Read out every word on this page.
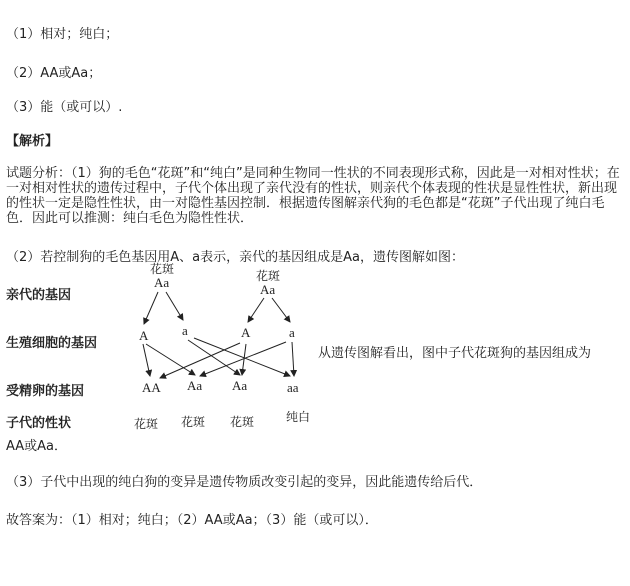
（1）相对；纯白；
（2）AA或Aa；
（3）能（或可以）.
【解析】
试题分析：（1）狗的毛色“花斑”和“纯白”是同种生物同一性状的不同表现形式称，因此是一对相对性状；在一对相对性状的遗传过程中，子代个体出现了亲代没有的性状，则亲代个体表现的性状是显性性状，新出现的性状一定是隐性性状，由一对隐性基因控制．根据遗传图解亲代狗的毛色都是“花斑”子代出现了纯白毛色．因此可以推测：纯白毛色为隐性性状．
（2）若控制狗的毛色基因用A、a表示，亲代的基因组成是Aa，遗传图解如图：
亲代的基因
生殖细胞的基因
受精卵的基因
子代的性状
花斑
Aa	花斑
Aa
A	a	A	a
AA Aa Aa	aa
花斑 花斑 花斑	纯白
从遗传图解看出，图中子代花斑狗的基因组成为
AA或Aa．
（3）子代中出现的纯白狗的变异是遗传物质改变引起的变异，因此能遗传给后代．
故答案为：（1）相对；纯白；（2）AA或Aa；（3）能（或可以）．
